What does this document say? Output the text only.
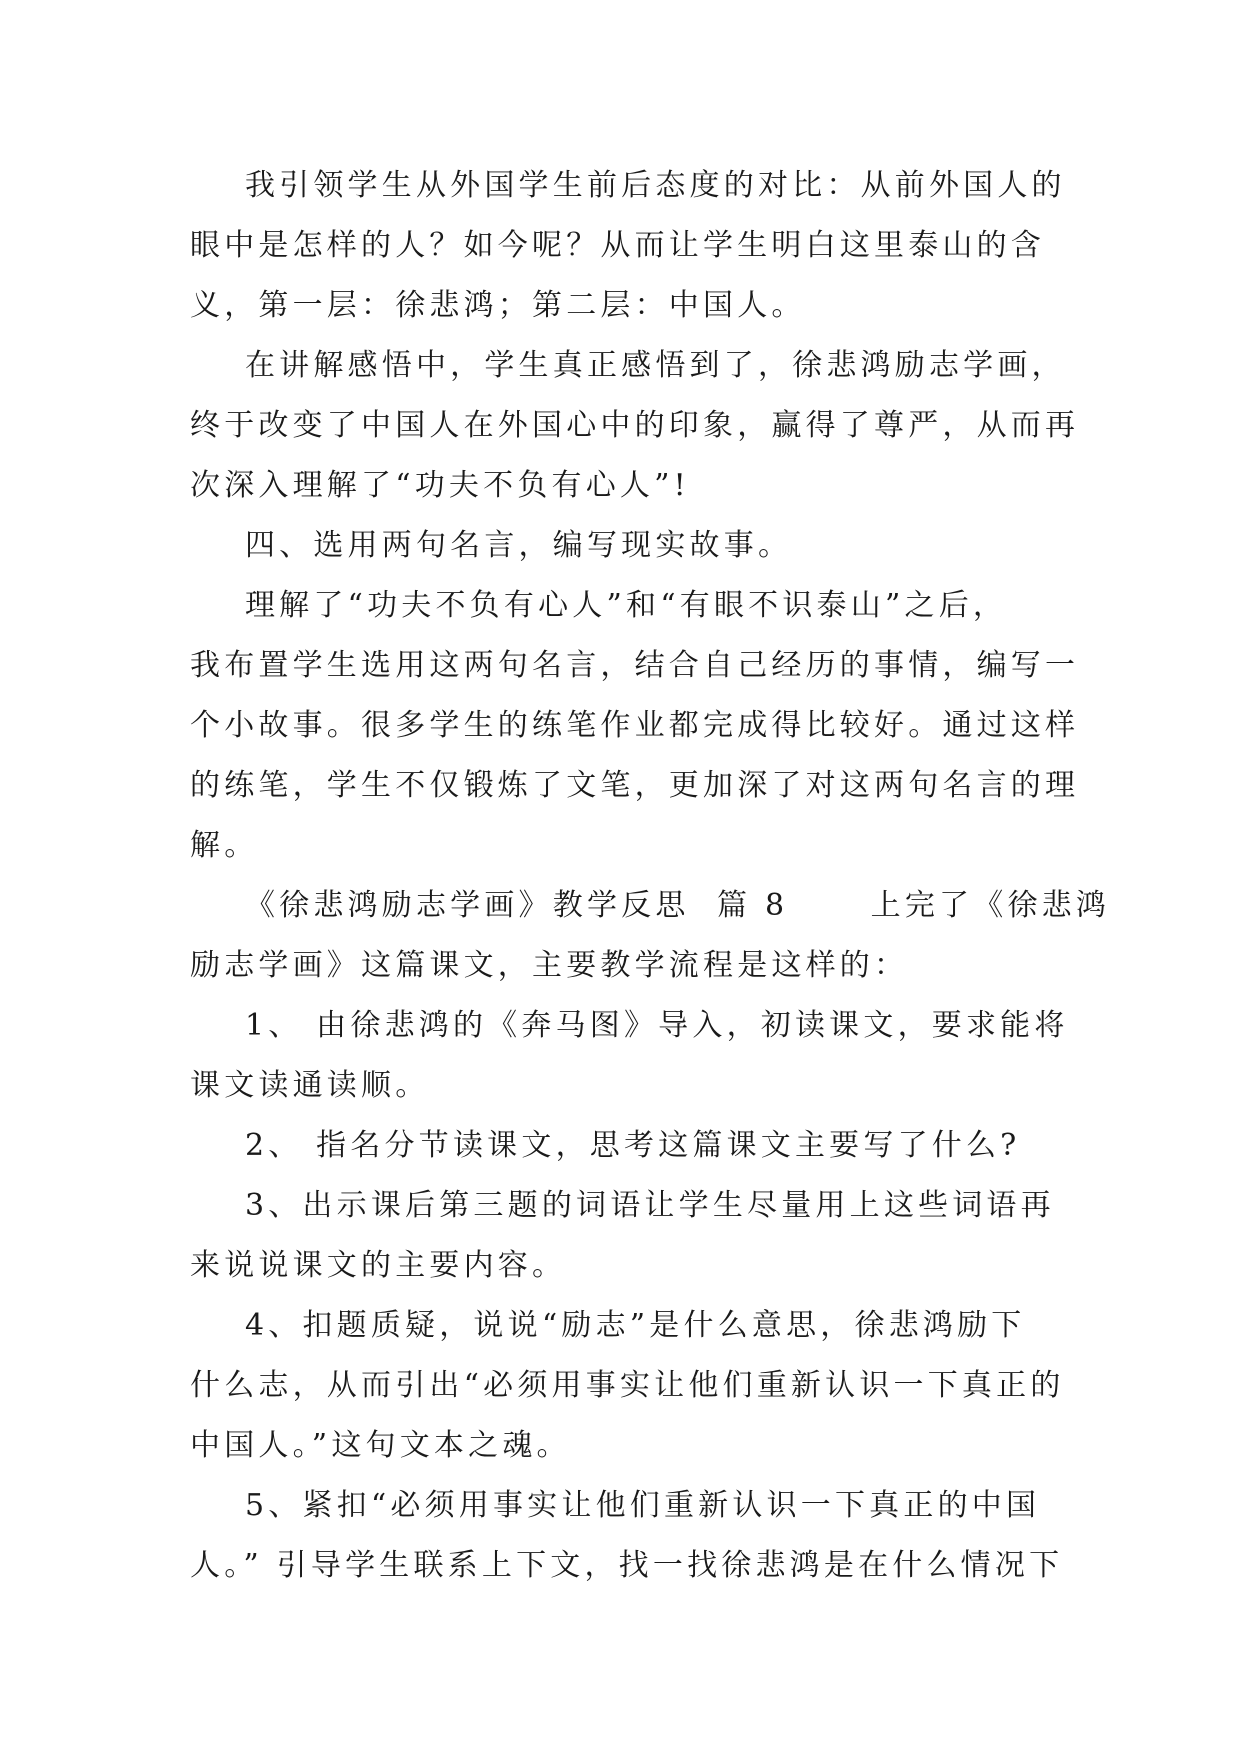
我引领学生从外国学生前后态度的对比：从前外国人的
眼中是怎样的人？如今呢？从而让学生明白这里泰山的含
义，第一层：徐悲鸿；第二层：中国人。
在讲解感悟中，学生真正感悟到了，徐悲鸿励志学画，
终于改变了中国人在外国心中的印象，赢得了尊严，从而再
次深入理解了“功夫不负有心人”!
四、选用两句名言，编写现实故事。
理解了“功夫不负有心人”和“有眼不识泰山”之后，
我布置学生选用这两句名言，结合自己经历的事情，编写一
个小故事。很多学生的练笔作业都完成得比较好。通过这样
的练笔，学生不仅锻炼了文笔，更加深了对这两句名言的理
解。
《徐悲鸿励志学画》教学反思  篇 8      上完了《徐悲鸿
励志学画》这篇课文，主要教学流程是这样的：
1、 由徐悲鸿的《奔马图》导入，初读课文，要求能将
课文读通读顺。
2、 指名分节读课文，思考这篇课文主要写了什么?
3、出示课后第三题的词语让学生尽量用上这些词语再
来说说课文的主要内容。
4、扣题质疑，说说“励志”是什么意思，徐悲鸿励下
什么志，从而引出“必须用事实让他们重新认识一下真正的
中国人。”这句文本之魂。
5、紧扣“必须用事实让他们重新认识一下真正的中国
人。” 引导学生联系上下文，找一找徐悲鸿是在什么情况下
